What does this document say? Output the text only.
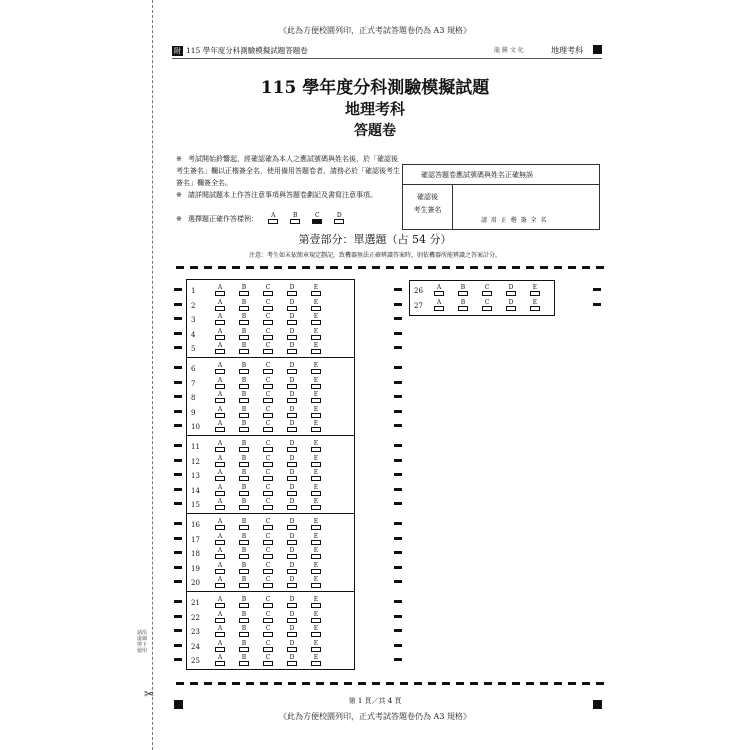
請沿虛線剪下使用
✂
《此為方便校園列印，正式考試答題卷仍為 A3 規格》
附 115 學年度分科測驗模擬試題答題卷	龍 騰 文 化	地理考科
115 學年度分科測驗模擬試題
地理考科
答題卷
※ 考試開始鈴響起，經確認確為本人之應試號碼與姓名後，於「確認後考生簽名」欄以正楷簽全名，使用備用答題卷者，請務必於「確認後考生簽名」欄簽全名。
※ 請詳閱試題本上作答注意事項與答題卷劃記及書寫注意事項。
※ 選擇題正確作答樣例：	A	B	C	D
確認答題卷應試號碼與姓名正確無誤
確認後
考生簽名
請 用 正 楷 簽 全 名
第壹部分：單選題（占 54 分）
注意：考生如未依簡章規定劃記，致機器無法正確辨識答案時，則依機器所能辨識之答案計分。
1	A	B	C	D	E
2	A	B	C	D	E
3	A	B	C	D	E
4	A	B	C	D	E
5	A	B	C	D	E
6	A	B	C	D	E
7	A	B	C	D	E
8	A	B	C	D	E
9	A	B	C	D	E
10	A	B	C	D	E
11	A	B	C	D	E
12	A	B	C	D	E
13	A	B	C	D	E
14	A	B	C	D	E
15	A	B	C	D	E
16	A	B	C	D	E
17	A	B	C	D	E
18	A	B	C	D	E
19	A	B	C	D	E
20	A	B	C	D	E
21	A	B	C	D	E
22	A	B	C	D	E
23	A	B	C	D	E
24	A	B	C	D	E
25	A	B	C	D	E
26	A	B	C	D	E
27	A	B	C	D	E
第 1 頁／共 4 頁
《此為方便校園列印，正式考試答題卷仍為 A3 規格》
